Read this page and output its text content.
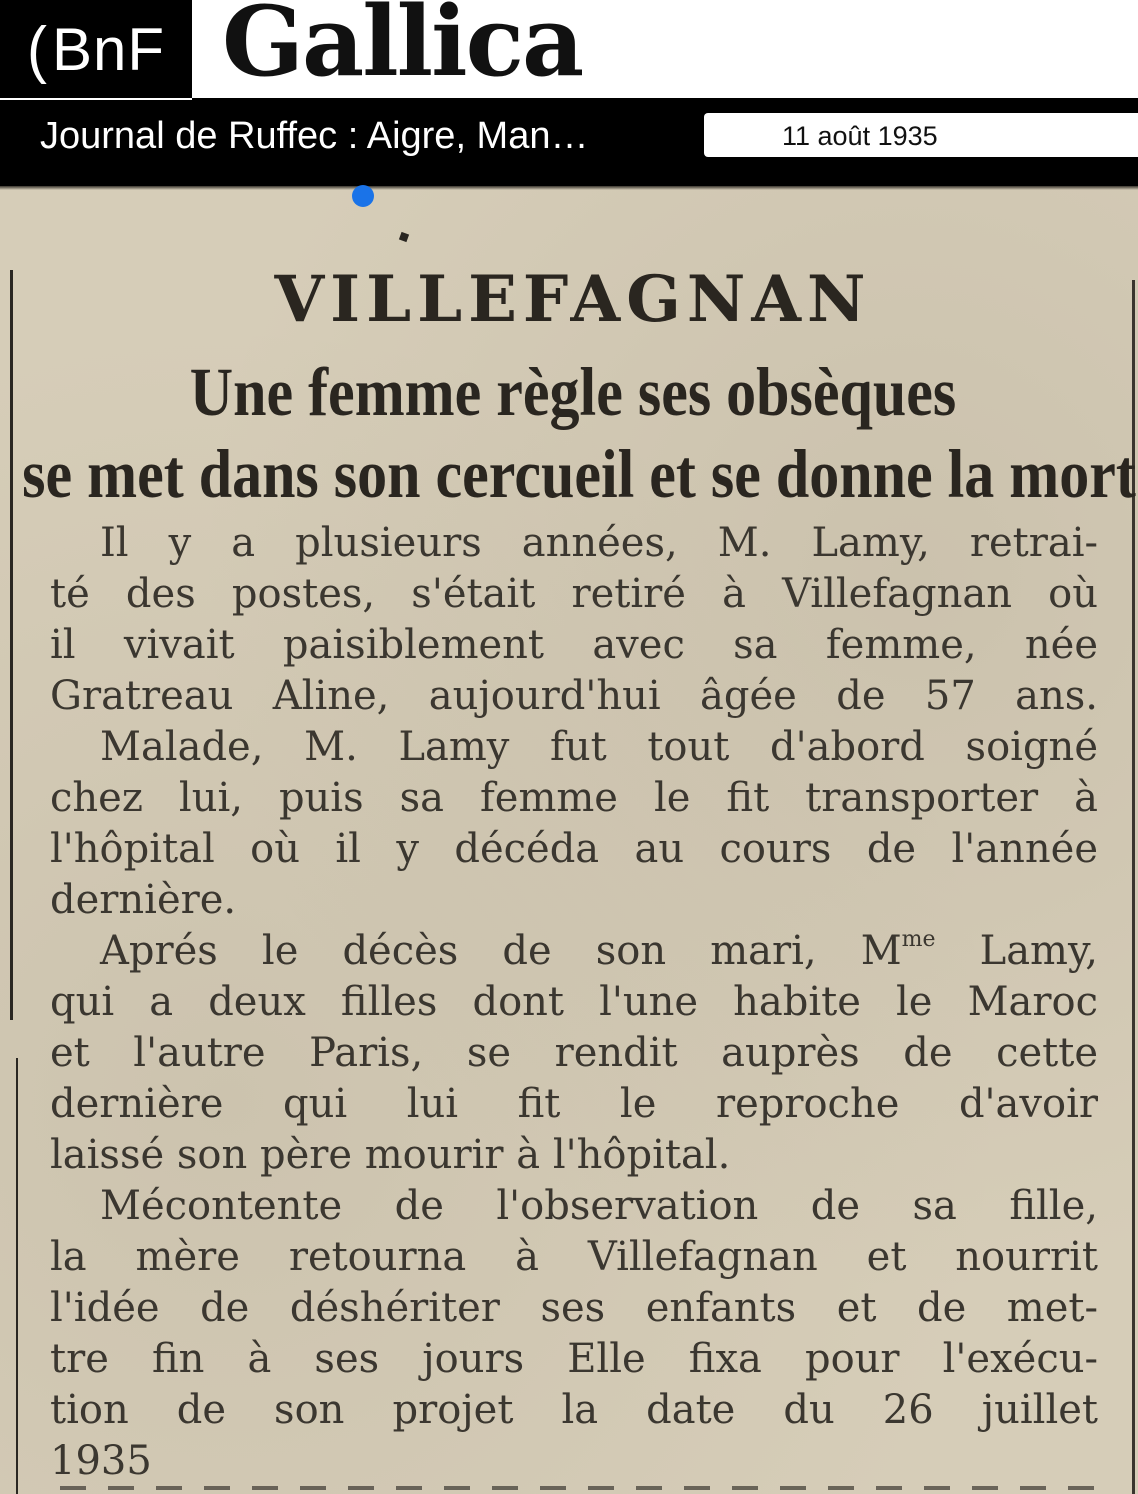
( BnF Gallica
Journal de Ruffec : Aigre, Man…	11 août 1935
VILLEFAGNAN
Une femme règle ses obsèques
se met dans son cercueil et se donne la mort
Il y a plusieurs années, M. Lamy, retrai-
té des postes, s'était retiré à Villefagnan où
il vivait paisiblement avec sa femme, née
Gratreau Aline, aujourd'hui âgée de 57 ans.
Malade, M. Lamy fut tout d'abord soigné
chez lui, puis sa femme le fit transporter à
l'hôpital où il y décéda au cours de l'année
dernière.
Aprés le décès de son mari, $M^{me}$ Lamy,
qui a deux filles dont l'une habite le Maroc
et l'autre Paris, se rendit auprès de cette
dernière qui lui fit le reproche d'avoir
laissé son père mourir à l'hôpital.
Mécontente de l'observation de sa fille,
la mère retourna à Villefagnan et nourrit
l'idée de déshériter ses enfants et de met-
tre fin à ses jours Elle fixa pour l'exécu-
tion de son projet la date du 26 juillet
1935
